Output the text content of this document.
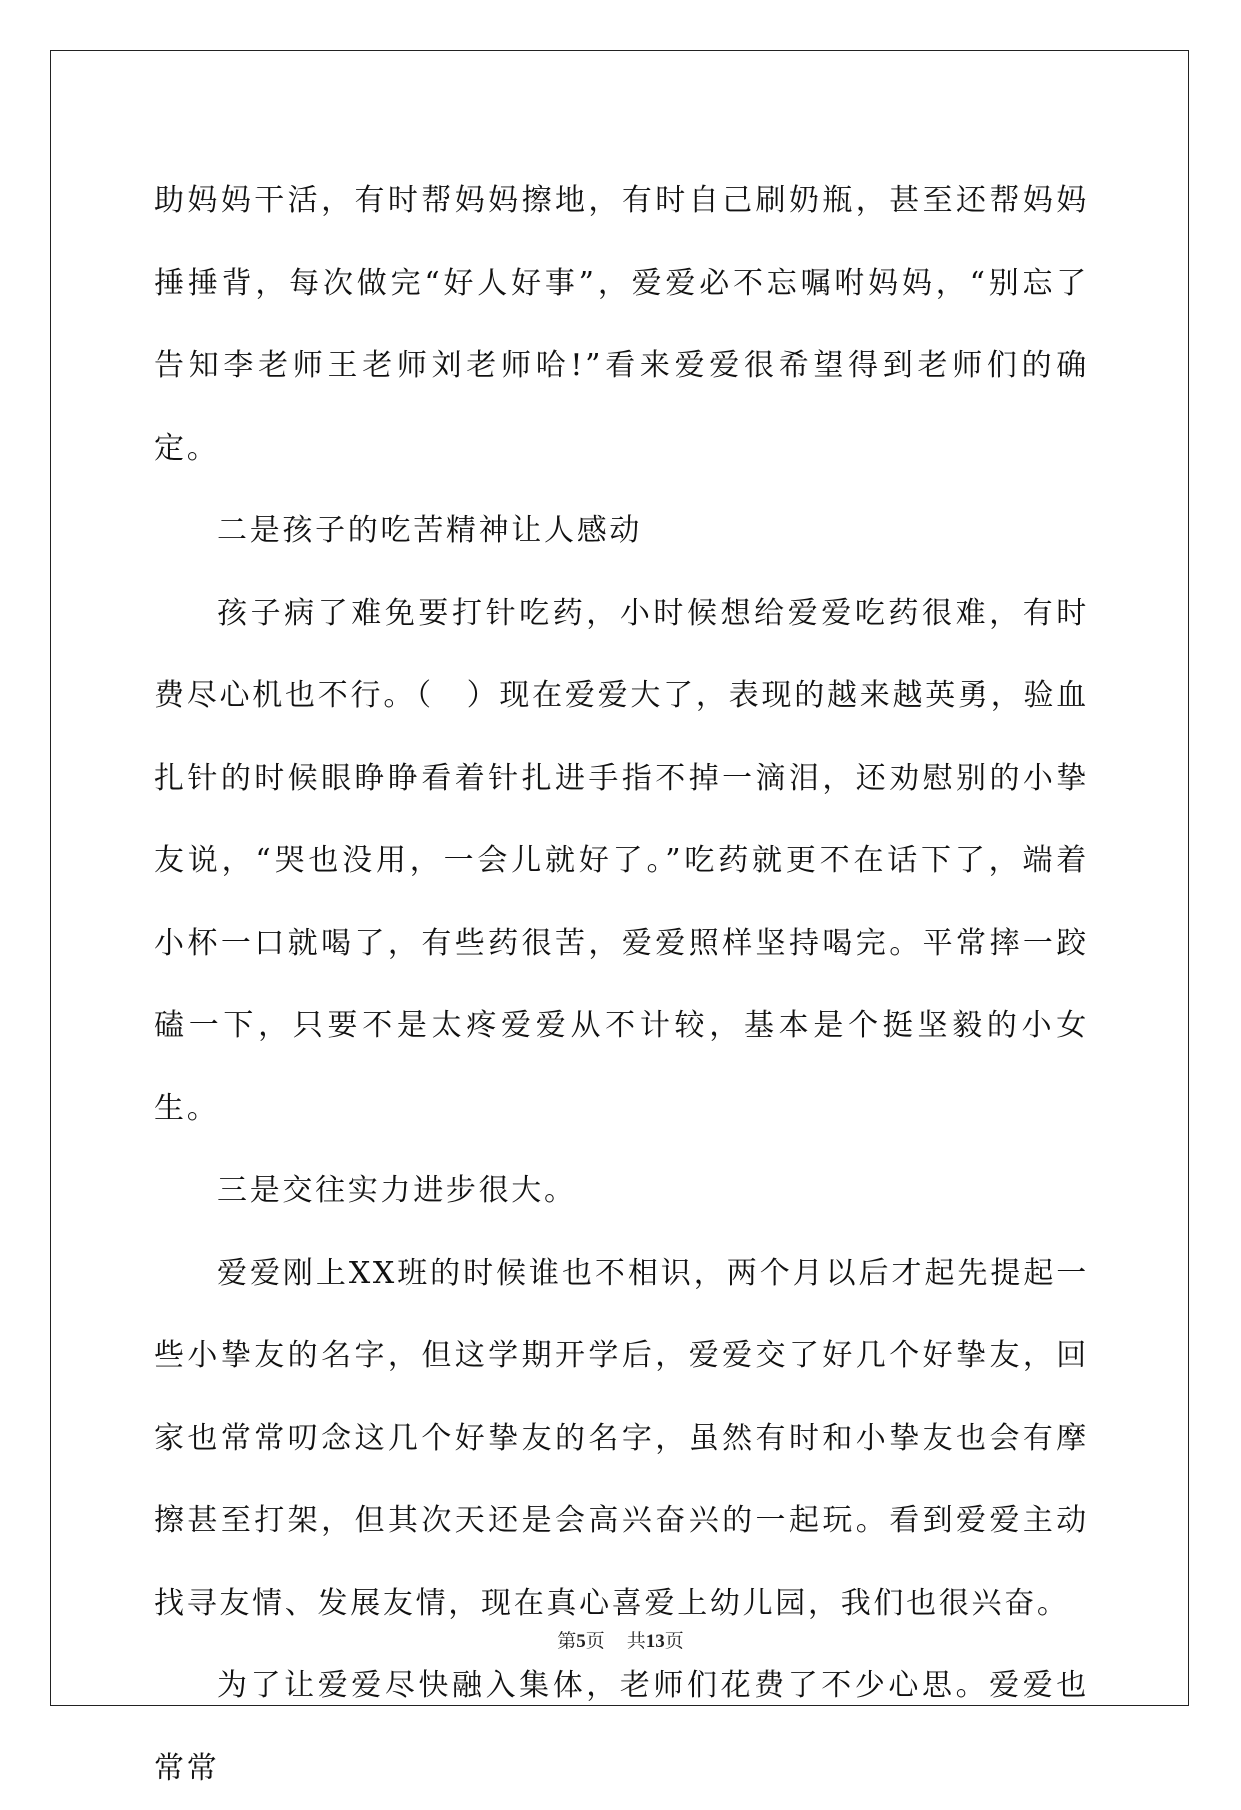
助妈妈干活，有时帮妈妈擦地，有时自己刷奶瓶，甚至还帮妈妈捶捶背，每次做完“好人好事”，爱爱必不忘嘱咐妈妈，“别忘了告知李老师王老师刘老师哈!”看来爱爱很希望得到老师们的确定。

二是孩子的吃苦精神让人感动

孩子病了难免要打针吃药，小时候想给爱爱吃药很难，有时费尽心机也不行。（　）现在爱爱大了，表现的越来越英勇，验血扎针的时候眼睁睁看着针扎进手指不掉一滴泪，还劝慰别的小挚友说，“哭也没用，一会儿就好了。”吃药就更不在话下了，端着小杯一口就喝了，有些药很苦，爱爱照样坚持喝完。平常摔一跤磕一下，只要不是太疼爱爱从不计较，基本是个挺坚毅的小女生。

三是交往实力进步很大。

爱爱刚上XX班的时候谁也不相识，两个月以后才起先提起一些小挚友的名字，但这学期开学后，爱爱交了好几个好挚友，回家也常常叨念这几个好挚友的名字，虽然有时和小挚友也会有摩擦甚至打架，但其次天还是会高兴奋兴的一起玩。看到爱爱主动找寻友情、发展友情，现在真心喜爱上幼儿园，我们也很兴奋。

为了让爱爱尽快融入集体，老师们花费了不少心思。爱爱也常常

第5页 共13页
